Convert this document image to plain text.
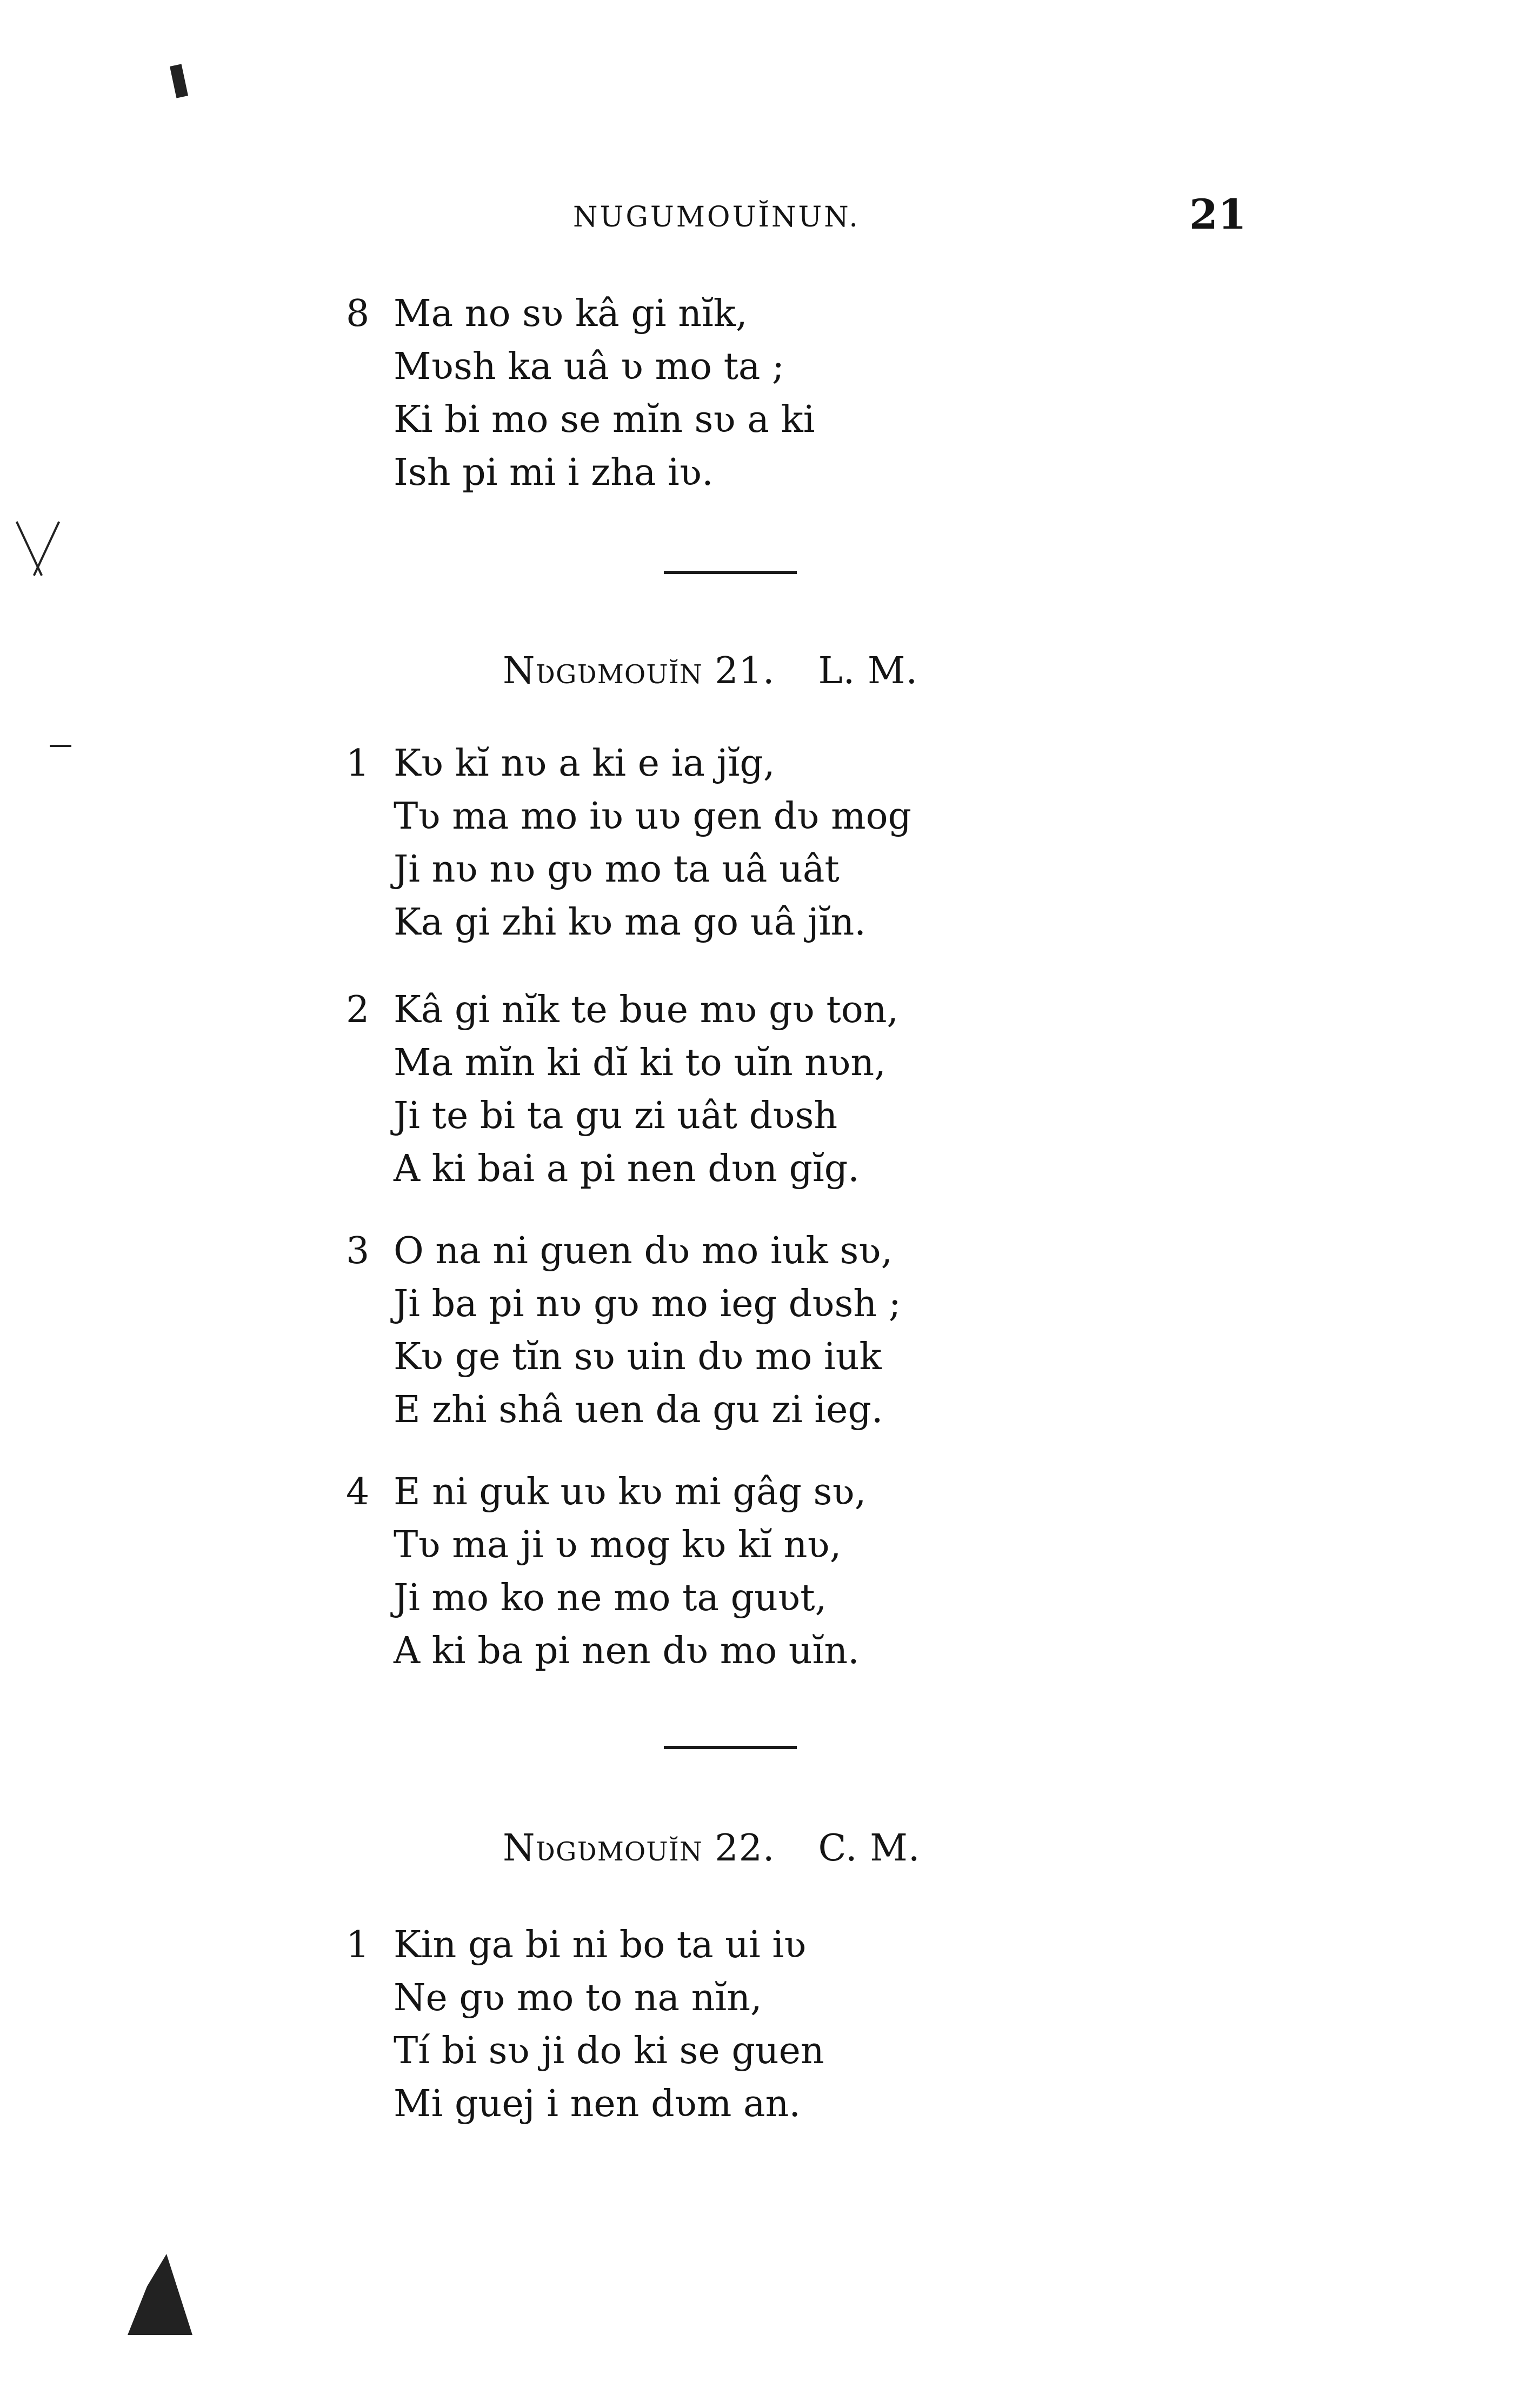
NUGUMOUĬNUN.	21
8 Ma no sʋ kâ gi nĭk,
Mʋsh ka uâ ʋ mo ta ;
Ki bi mo se mĭn sʋ a ki
Ish pi mi i zha iʋ.
Nʋgʋmouĭn 21. L. M.
1 Kʋ kĭ nʋ a ki e ia jĭg,
Tʋ ma mo iʋ uʋ gen dʋ mog
Ji nʋ nʋ gʋ mo ta uâ uât
Ka gi zhi kʋ ma go uâ jĭn.
2 Kâ gi nĭk te bue mʋ gʋ ton,
Ma mĭn ki dĭ ki to uĭn nʋn,
Ji te bi ta gu zi uât dʋsh
A ki bai a pi nen dʋn gĭg.
3 O na ni guen dʋ mo iuk sʋ,
Ji ba pi nʋ gʋ mo ieg dʋsh ;
Kʋ ge tĭn sʋ uin dʋ mo iuk
E zhi shâ uen da gu zi ieg.
4 E ni guk uʋ kʋ mi gâg sʋ,
Tʋ ma ji ʋ mog kʋ kĭ nʋ,
Ji mo ko ne mo ta guʋt,
A ki ba pi nen dʋ mo uĭn.
Nʋgʋmouĭn 22. C. M.
1 Kin ga bi ni bo ta ui iʋ
Ne gʋ mo to na nĭn,
Tí bi sʋ ji do ki se guen
Mi guej i nen dʋm an.
